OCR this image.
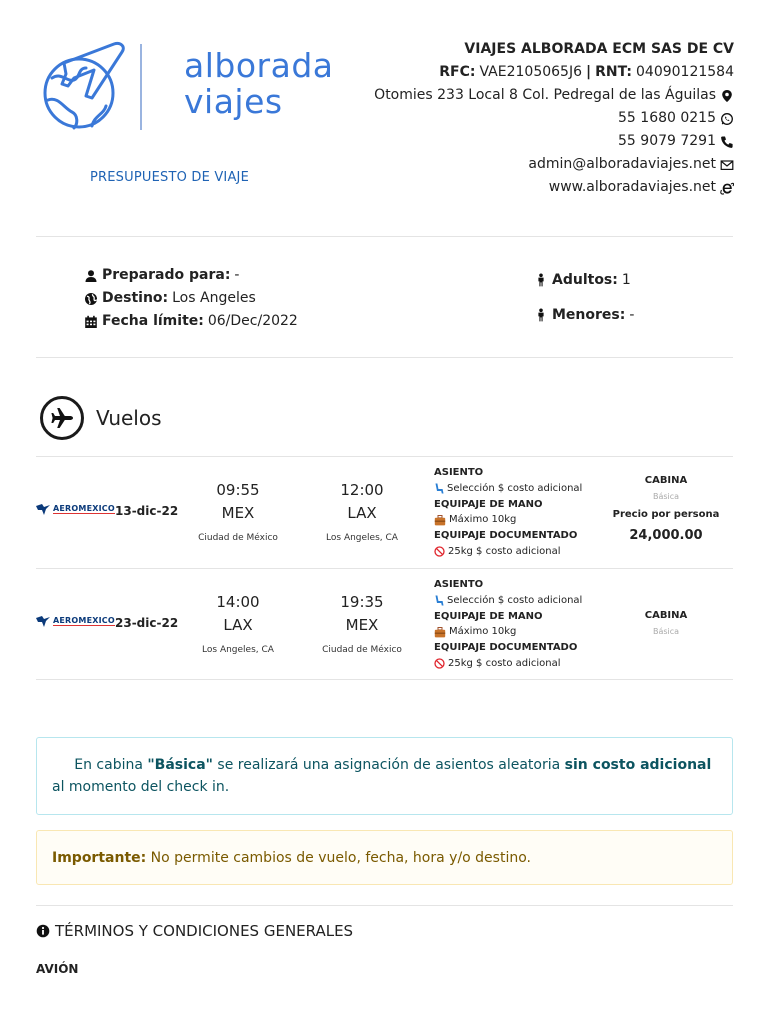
alborada
viajes
PRESUPUESTO DE VIAJE
VIAJES ALBORADA ECM SAS DE CV
RFC: VAE2105065J6 | RNT: 04090121584
Otomies 233 Local 8 Col. Pedregal de las Águilas
55 1680 0215
55 9079 7291
admin@alboradaviajes.net
www.alboradaviajes.net
Preparado para: -
Destino: Los Angeles
Fecha límite: 06/Dec/2022
Adultos: 1
Menores: -
Vuelos
AEROMEXICO 13-dic-22
09:55
MEX
Ciudad de México
12:00
LAX
Los Angeles, CA
ASIENTO
Selección $ costo adicional
EQUIPAJE DE MANO
Máximo 10kg
EQUIPAJE DOCUMENTADO
25kg $ costo adicional
CABINA
Básica
Precio por persona
24,000.00
AEROMEXICO 23-dic-22
14:00
LAX
Los Angeles, CA
19:35
MEX
Ciudad de México
ASIENTO
Selección $ costo adicional
EQUIPAJE DE MANO
Máximo 10kg
EQUIPAJE DOCUMENTADO
25kg $ costo adicional
CABINA
Básica
En cabina "Básica" se realizará una asignación de asientos aleatoria sin costo adicional
al momento del check in.
Importante: No permite cambios de vuelo, fecha, hora y/o destino.
TÉRMINOS Y CONDICIONES GENERALES
AVIÓN
